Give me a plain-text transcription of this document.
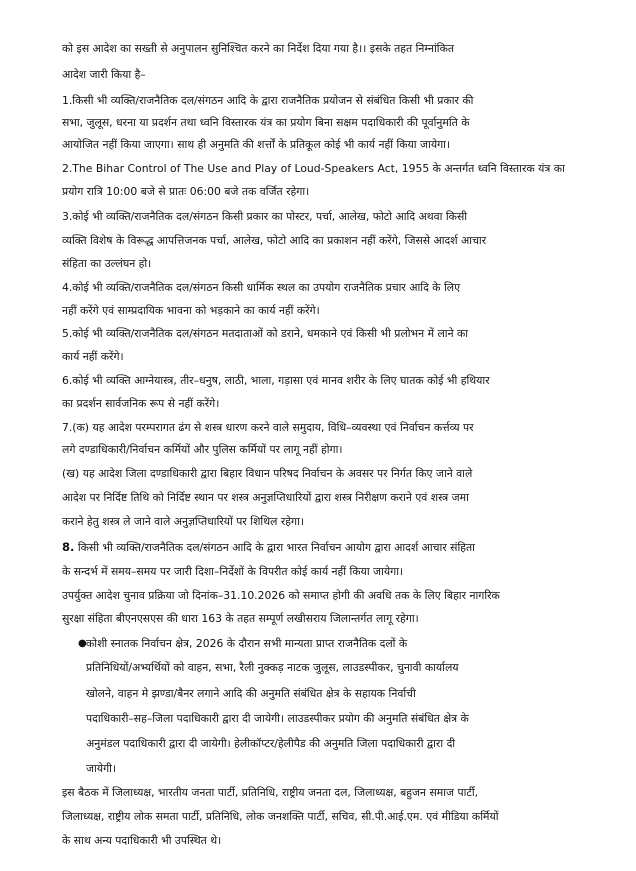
को इस आदेश का सख्ती से अनुपालन सुनिश्चित करने का निर्देश दिया गया है।। इसके तहत निम्नांकित
आदेश जारी किया है–
1.किसी भी व्यक्ति/राजनैतिक दल/संगठन आदि के द्वारा राजनैतिक प्रयोजन से संबंधित किसी भी प्रकार की
सभा, जुलूस, धरना या प्रदर्शन तथा ध्वनि विस्तारक यंत्र का प्रयोग बिना सक्षम पदाधिकारी की पूर्वानुमति के
आयोजित नहीं किया जाएगा। साथ ही अनुमति की शर्त्तों के प्रतिकूल कोई भी कार्य नहीं किया जायेगा।
2.The Bihar Control of The Use and Play of Loud-Speakers Act, 1955 के अन्तर्गत ध्वनि विस्तारक यंत्र का
प्रयोग रात्रि 10:00 बजे से प्रातः 06:00 बजे तक वर्जित रहेगा।
3.कोई भी व्यक्ति/राजनैतिक दल/संगठन किसी प्रकार का पोस्टर, पर्चा, आलेख, फोटो आदि अथवा किसी
व्यक्ति विशेष के विरूद्ध आपत्तिजनक पर्चा, आलेख, फोटो आदि का प्रकाशन नहीं करेंगे, जिससे आदर्श आचार
संहिता का उल्लंघन हो।
4.कोई भी व्यक्ति/राजनैतिक दल/संगठन किसी धार्मिक स्थल का उपयोग राजनैतिक प्रचार आदि के लिए
नहीं करेंगे एवं साम्प्रदायिक भावना को भड़काने का कार्य नहीं करेंगे।
5.कोई भी व्यक्ति/राजनैतिक दल/संगठन मतदाताओं को डराने, धमकाने एवं किसी भी प्रलोभन में लाने का
कार्य नहीं करेंगे।
6.कोई भी व्यक्ति आग्नेयास्त्र, तीर–धनुष, लाठी, भाला, गड़ासा एवं मानव शरीर के लिए घातक कोई भी हथियार
का प्रदर्शन सार्वजनिक रूप से नहीं करेंगे।
7.(क) यह आदेश परम्परागत ढंग से शस्त्र धारण करने वाले समुदाय, विधि–व्यवस्था एवं निर्वाचन कर्त्तव्य पर
लगे दण्डाधिकारी/निर्वाचन कर्मियों और पुलिस कर्मियों पर लागू नहीं होगा।
(ख) यह आदेश जिला दण्डाधिकारी द्वारा बिहार विधान परिषद निर्वाचन के अवसर पर निर्गत किए जाने वाले
आदेश पर निर्दिष्ट तिथि को निर्दिष्ट स्थान पर शस्त्र अनुज्ञप्तिधारियों द्वारा शस्त्र निरीक्षण कराने एवं शस्त्र जमा
कराने हेतु शस्त्र ले जाने वाले अनुज्ञप्तिधारियों पर शिथिल रहेगा।
8. किसी भी व्यक्ति/राजनैतिक दल/संगठन आदि के द्वारा भारत निर्वाचन आयोग द्वारा आदर्श आचार संहिता
के सन्दर्भ में समय–समय पर जारी दिशा–निर्देशों के विपरीत कोई कार्य नहीं किया जायेगा।
उपर्युक्त आदेश चुनाव प्रक्रिया जो दिनांक–31.10.2026 को समाप्त होगी की अवधि तक के लिए बिहार नागरिक
सुरक्षा संहिता बीएनएसएस की धारा 163 के तहत सम्पूर्ण लखीसराय जिलान्तर्गत लागू रहेगा।
● कोशी स्नातक निर्वाचन क्षेत्र, 2026 के दौरान सभी मान्यता प्राप्त राजनैतिक दलों के
प्रतिनिधियों/अभ्यर्थियों को वाहन, सभा, रैली नुक्कड़ नाटक जुलूस, लाउडस्पीकर, चुनावी कार्यालय
खोलने, वाहन मे झण्डा/बैनर लगाने आदि की अनुमति संबंधित क्षेत्र के सहायक निर्वाची
पदाधिकारी–सह–जिला पदाधिकारी द्वारा दी जायेगी। लाउडस्पीकर प्रयोग की अनुमति संबंधित क्षेत्र के
अनुमंडल पदाधिकारी द्वारा दी जायेगी। हेलीकॉप्टर/हेलीपैड की अनुमति जिला पदाधिकारी द्वारा दी
जायेगी।
इस बैठक में जिलाध्यक्ष, भारतीय जनता पार्टी, प्रतिनिधि, राष्ट्रीय जनता दल, जिलाध्यक्ष, बहुजन समाज पार्टी,
जिलाध्यक्ष, राष्ट्रीय लोक समता पार्टी, प्रतिनिधि, लोक जनशक्ति पार्टी, सचिव, सी.पी.आई.एम. एवं मीडिया कर्मियों
के साथ अन्य पदाधिकारी भी उपस्थित थे।
